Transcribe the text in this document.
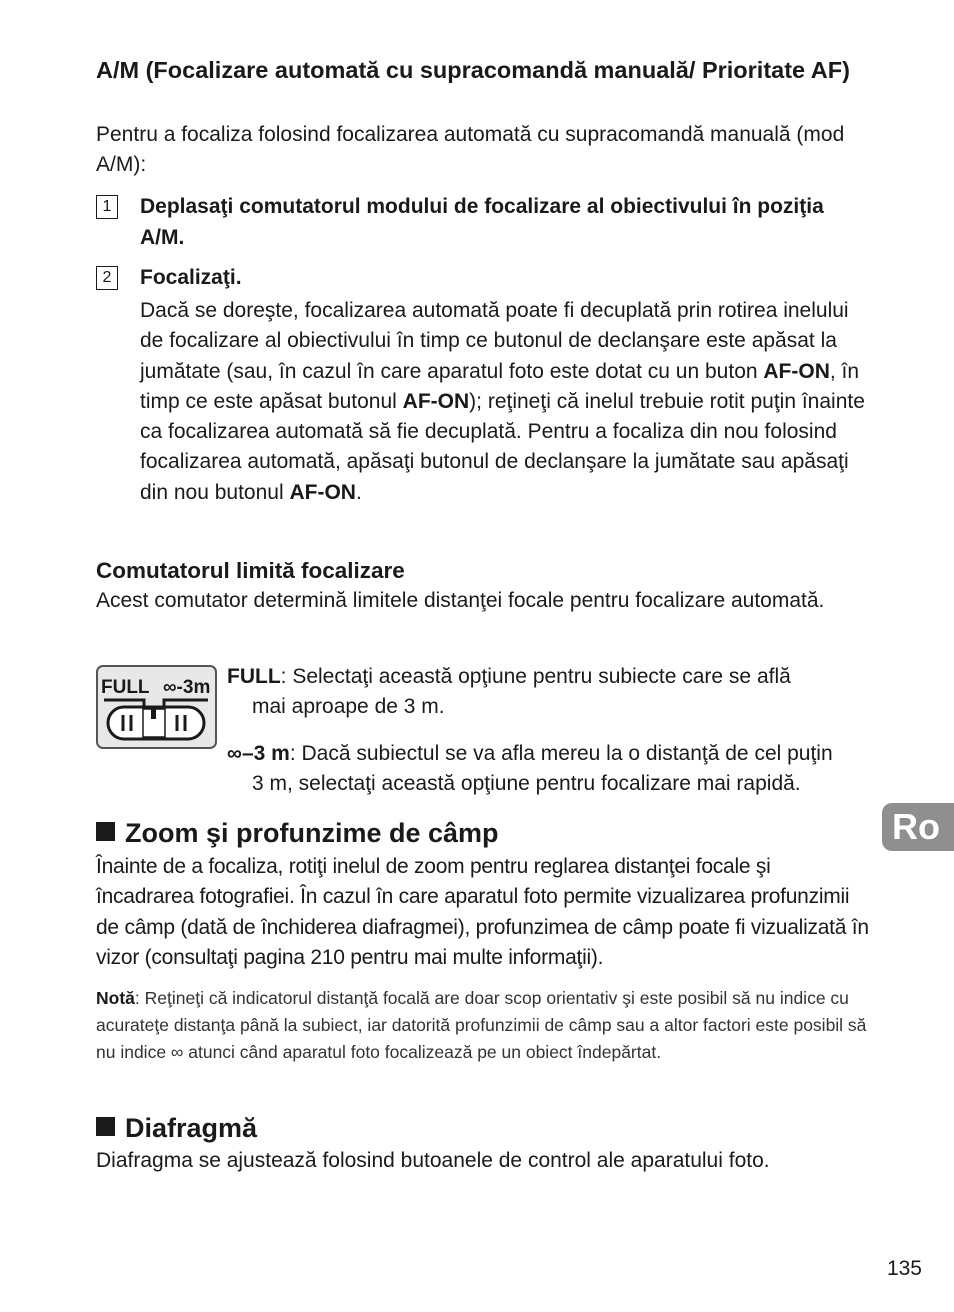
A/M (Focalizare automată cu supracomandă manuală/ Prioritate AF)
Pentru a focaliza folosind focalizarea automată cu supracomandă manuală (mod A/M):
1	Deplasaţi comutatorul modului de focalizare al obiectivului în poziţia A/M.
2	Focalizaţi.
Dacă se doreşte, focalizarea automată poate fi decuplată prin rotirea inelului de focalizare al obiectivului în timp ce butonul de declanşare este apăsat la jumătate (sau, în cazul în care aparatul foto este dotat cu un buton AF-ON, în timp ce este apăsat butonul AF-ON); reţineţi că inelul trebuie rotit puţin înainte ca focalizarea automată să fie decuplată. Pentru a focaliza din nou folosind focalizarea automată, apăsaţi butonul de declanşare la jumătate sau apăsaţi din nou butonul AF-ON.
Comutatorul limită focalizare
Acest comutator determină limitele distanţei focale pentru focalizare automată.
FULL ∞-3m FULL: Selectaţi această opţiune pentru subiecte care se află
mai aproape de 3 m.
∞–3 m: Dacă subiectul se va afla mereu la o distanţă de cel puţin
3 m, selectaţi această opţiune pentru focalizare mai rapidă.
Zoom şi profunzime de câmp
Înainte de a focaliza, rotiţi inelul de zoom pentru reglarea distanţei focale şi încadrarea fotografiei. În cazul în care aparatul foto permite vizualizarea profunzimii de câmp (dată de închiderea diafragmei), profunzimea de câmp poate fi vizualizată în vizor (consultaţi pagina 210 pentru mai multe informaţii).
Notă: Reţineţi că indicatorul distanţă focală are doar scop orientativ şi este posibil să nu indice cu acurateţe distanţa până la subiect, iar datorită profunzimii de câmp sau a altor factori este posibil să nu indice ∞ atunci când aparatul foto focalizează pe un obiect îndepărtat.
Diafragmă
Diafragma se ajustează folosind butoanele de control ale aparatului foto.
Ro
135
